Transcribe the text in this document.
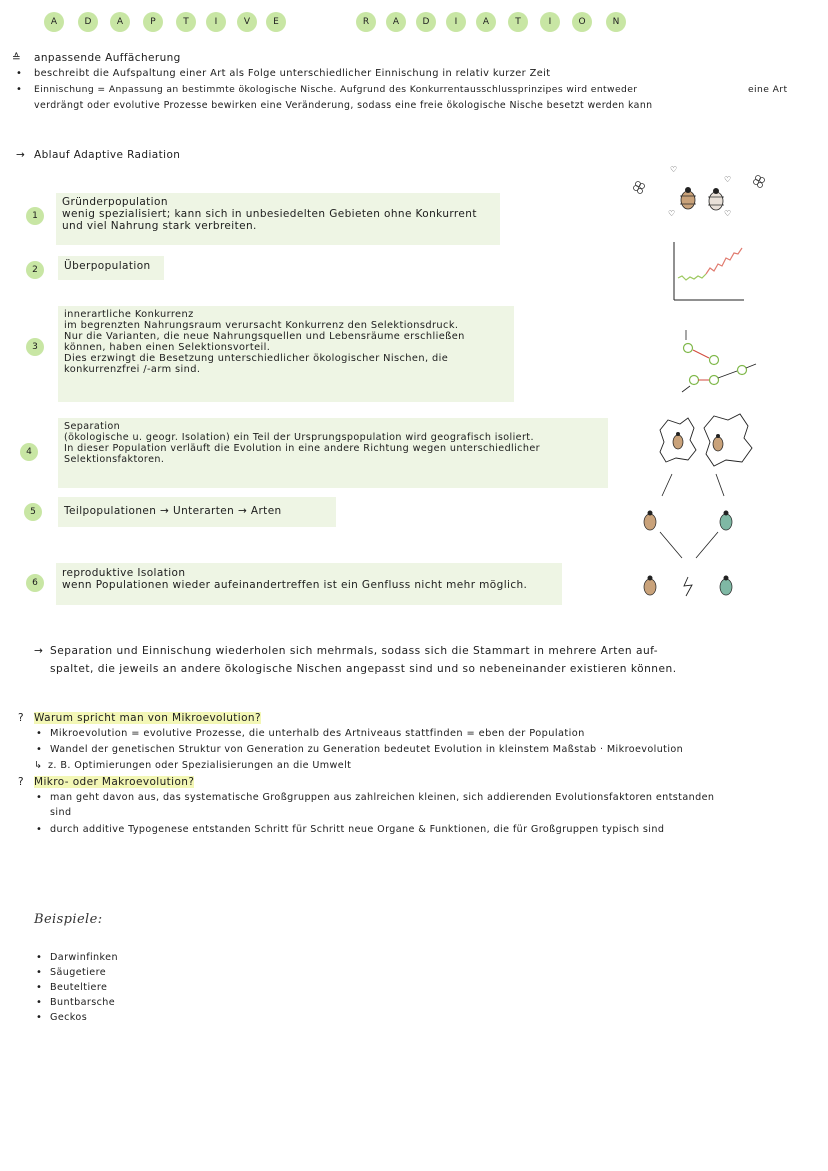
A	D	A	P	T	I	V	E	R	A	D	I	A	T	I	O	N
≙ anpassende Auffächerung
• beschreibt die Aufspaltung einer Art als Folge unterschiedlicher Einnischung in relativ kurzer Zeit
• Einnischung = Anpassung an bestimmte ökologische Nische. Aufgrund des Konkurrentausschlussprinzipes wird entweder	eine Art
verdrängt oder evolutive Prozesse bewirken eine Veränderung, sodass eine freie ökologische Nische besetzt werden kann
→ Ablauf Adaptive Radiation
1
Gründerpopulation
wenig spezialisiert; kann sich in unbesiedelten Gebieten ohne Konkurrent
und viel Nahrung stark verbreiten.
2	Überpopulation
3
innerartliche Konkurrenz
im begrenzten Nahrungsraum verursacht Konkurrenz den Selektionsdruck.
Nur die Varianten, die neue Nahrungsquellen und Lebensräume erschließen
können, haben einen Selektionsvorteil.
Dies erzwingt die Besetzung unterschiedlicher ökologischer Nischen, die
konkurrenzfrei /-arm sind.
4
Separation
(ökologische u. geogr. Isolation) ein Teil der Ursprungspopulation wird geografisch isoliert.
In dieser Population verläuft die Evolution in eine andere Richtung wegen unterschiedlicher
Selektionsfaktoren.
5	Teilpopulationen → Unterarten → Arten
6
reproduktive Isolation
wenn Populationen wieder aufeinandertreffen ist ein Genfluss nicht mehr möglich.
♡
♡
♡	♡
→ Separation und Einnischung wiederholen sich mehrmals, sodass sich die Stammart in mehrere Arten auf-
spaltet, die jeweils an andere ökologische Nischen angepasst sind und so nebeneinander existieren können.
? Warum spricht man von Mikroevolution?
• Mikroevolution = evolutive Prozesse, die unterhalb des Artniveaus stattfinden = eben der Population
• Wandel der genetischen Struktur von Generation zu Generation bedeutet Evolution in kleinstem Maßstab · Mikroevolution
↳ z. B. Optimierungen oder Spezialisierungen an die Umwelt
? Mikro- oder Makroevolution?
• man geht davon aus, das systematische Großgruppen aus zahlreichen kleinen, sich addierenden Evolutionsfaktoren entstanden
sind
• durch additive Typogenese entstanden Schritt für Schritt neue Organe & Funktionen, die für Großgruppen typisch sind
Beispiele:
• Darwinfinken
• Säugetiere
• Beuteltiere
• Buntbarsche
• Geckos
